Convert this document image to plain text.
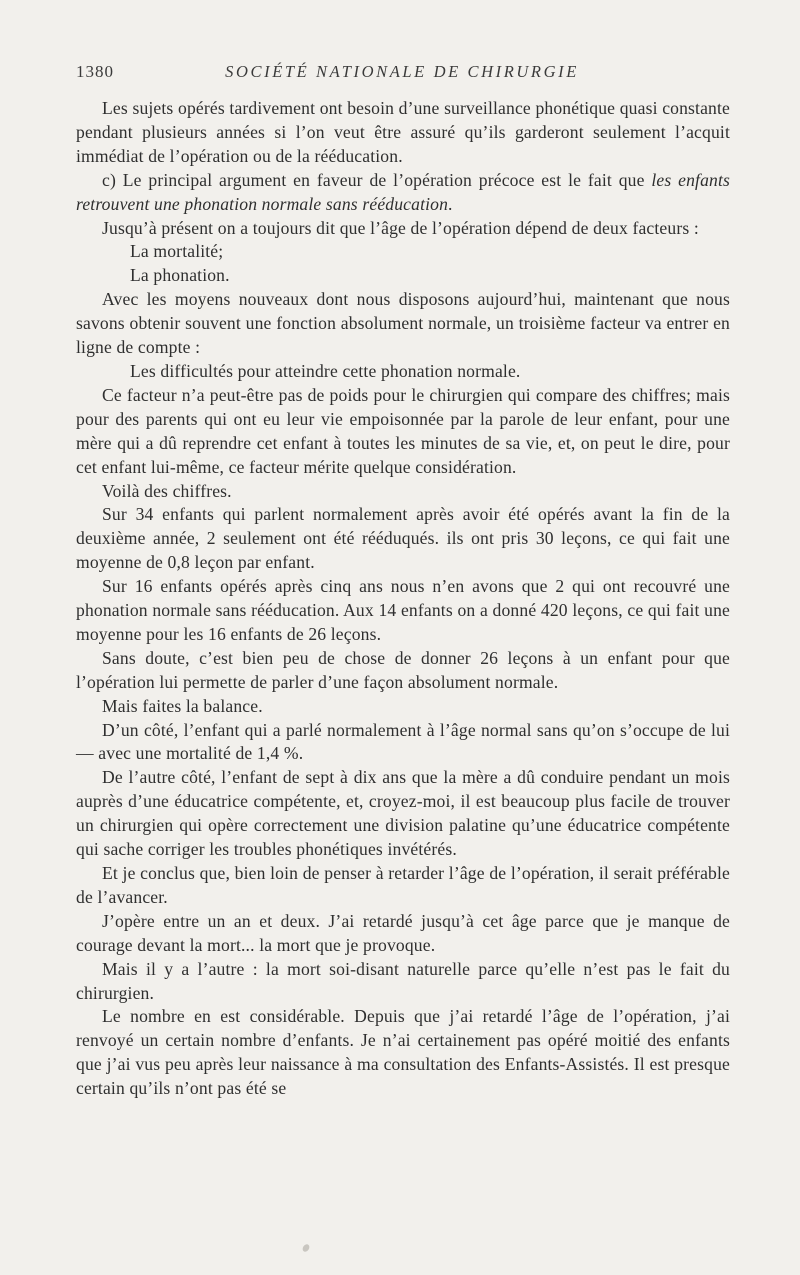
1380	SOCIÉTÉ NATIONALE DE CHIRURGIE

Les sujets opérés tardivement ont besoin d’une surveillance phonétique quasi constante pendant plusieurs années si l’on veut être assuré qu’ils garderont seulement l’acquit immédiat de l’opération ou de la rééducation.

c) Le principal argument en faveur de l’opération précoce est le fait que les enfants retrouvent une phonation normale sans rééducation.

Jusqu’à présent on a toujours dit que l’âge de l’opération dépend de deux facteurs :

La mortalité;

La phonation.

Avec les moyens nouveaux dont nous disposons aujourd’hui, maintenant que nous savons obtenir souvent une fonction absolument normale, un troisième facteur va entrer en ligne de compte :

Les difficultés pour atteindre cette phonation normale.

Ce facteur n’a peut-être pas de poids pour le chirurgien qui compare des chiffres; mais pour des parents qui ont eu leur vie empoisonnée par la parole de leur enfant, pour une mère qui a dû reprendre cet enfant à toutes les minutes de sa vie, et, on peut le dire, pour cet enfant lui-même, ce facteur mérite quelque considération.

Voilà des chiffres.

Sur 34 enfants qui parlent normalement après avoir été opérés avant la fin de la deuxième année, 2 seulement ont été rééduqués. ils ont pris 30 leçons, ce qui fait une moyenne de 0,8 leçon par enfant.

Sur 16 enfants opérés après cinq ans nous n’en avons que 2 qui ont recouvré une phonation normale sans rééducation. Aux 14 enfants on a donné 420 leçons, ce qui fait une moyenne pour les 16 enfants de 26 leçons.

Sans doute, c’est bien peu de chose de donner 26 leçons à un enfant pour que l’opération lui permette de parler d’une façon absolument normale.

Mais faites la balance.

D’un côté, l’enfant qui a parlé normalement à l’âge normal sans qu’on s’occupe de lui — avec une mortalité de 1,4 %.

De l’autre côté, l’enfant de sept à dix ans que la mère a dû conduire pendant un mois auprès d’une éducatrice compétente, et, croyez-moi, il est beaucoup plus facile de trouver un chirurgien qui opère correctement une division palatine qu’une éducatrice compétente qui sache corriger les troubles phonétiques invétérés.

Et je conclus que, bien loin de penser à retarder l’âge de l’opération, il serait préférable de l’avancer.

J’opère entre un an et deux. J’ai retardé jusqu’à cet âge parce que je manque de courage devant la mort... la mort que je provoque.

Mais il y a l’autre : la mort soi-disant naturelle parce qu’elle n’est pas le fait du chirurgien.

Le nombre en est considérable. Depuis que j’ai retardé l’âge de l’opération, j’ai renvoyé un certain nombre d’enfants. Je n’ai certainement pas opéré moitié des enfants que j’ai vus peu après leur naissance à ma consultation des Enfants-Assistés. Il est presque certain qu’ils n’ont pas été se
